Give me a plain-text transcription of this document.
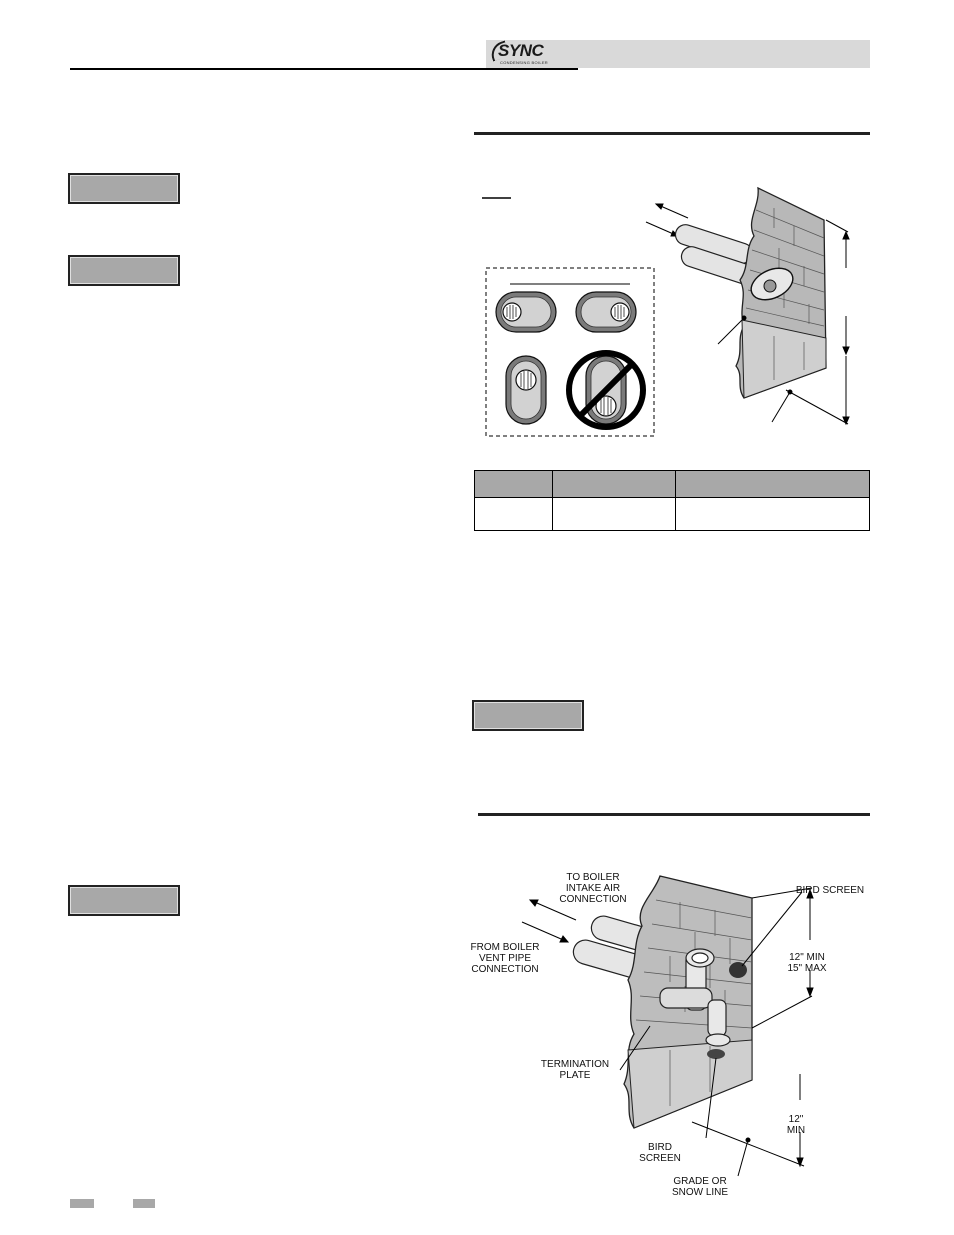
SYNC
CONDENSING BOILER

TO BOILER
INTAKE AIR
CONNECTION
FROM BOILER
VENT PIPE
CONNECTION
BIRD SCREEN
12" MIN
15" MAX
TERMINATION
PLATE
12"
MIN
BIRD
SCREEN
GRADE OR
SNOW LINE
